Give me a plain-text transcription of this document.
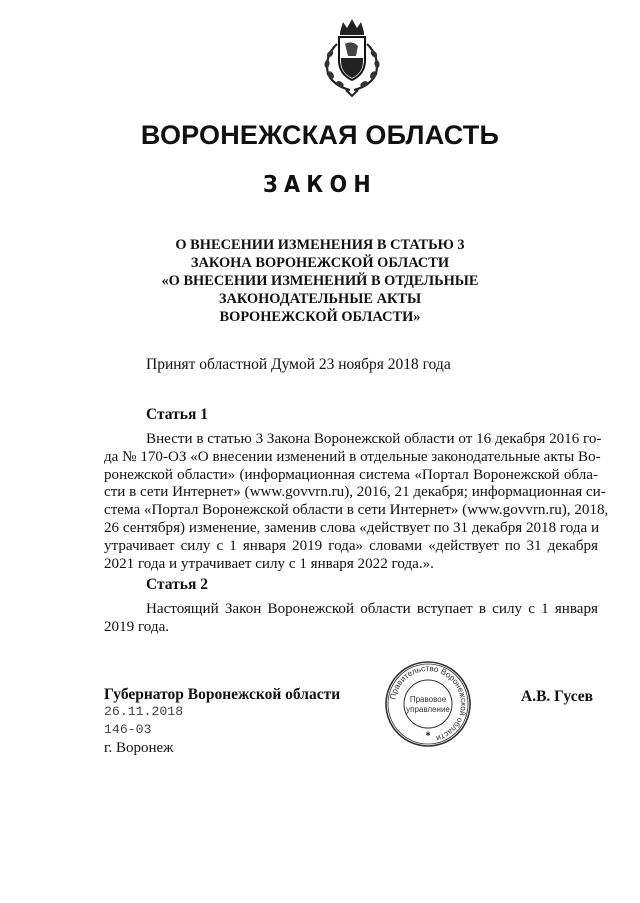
ВОРОНЕЖСКАЯ ОБЛАСТЬ
ЗАКОН
О ВНЕСЕНИИ ИЗМЕНЕНИЯ В СТАТЬЮ 3
ЗАКОНА ВОРОНЕЖСКОЙ ОБЛАСТИ
«О ВНЕСЕНИИ ИЗМЕНЕНИЙ В ОТДЕЛЬНЫЕ
ЗАКОНОДАТЕЛЬНЫЕ АКТЫ
ВОРОНЕЖСКОЙ ОБЛАСТИ»
Принят областной Думой 23 ноября 2018 года
Статья 1
Внести в статью 3 Закона Воронежской области от 16 декабря 2016 го-
да № 170-ОЗ «О внесении изменений в отдельные законодательные акты Во-
ронежской области» (информационная система «Портал Воронежской обла-
сти в сети Интернет» (www.govvrn.ru), 2016, 21 декабря; информационная си-
стема «Портал Воронежской области в сети Интернет» (www.govvrn.ru), 2018,
26 сентября) изменение, заменив слова «действует по 31 декабря 2018 года и
утрачивает силу с 1 января 2019 года» словами «действует по 31 декабря
2021 года и утрачивает силу с 1 января 2022 года.».
Статья 2
Настоящий Закон Воронежской области вступает в силу с 1 января
2019 года.
Губернатор Воронежской области
26.11.2018
146-03
г. Воронеж
А.В. Гусев
Правительство Воронежской области
Правовое
управление
✱
